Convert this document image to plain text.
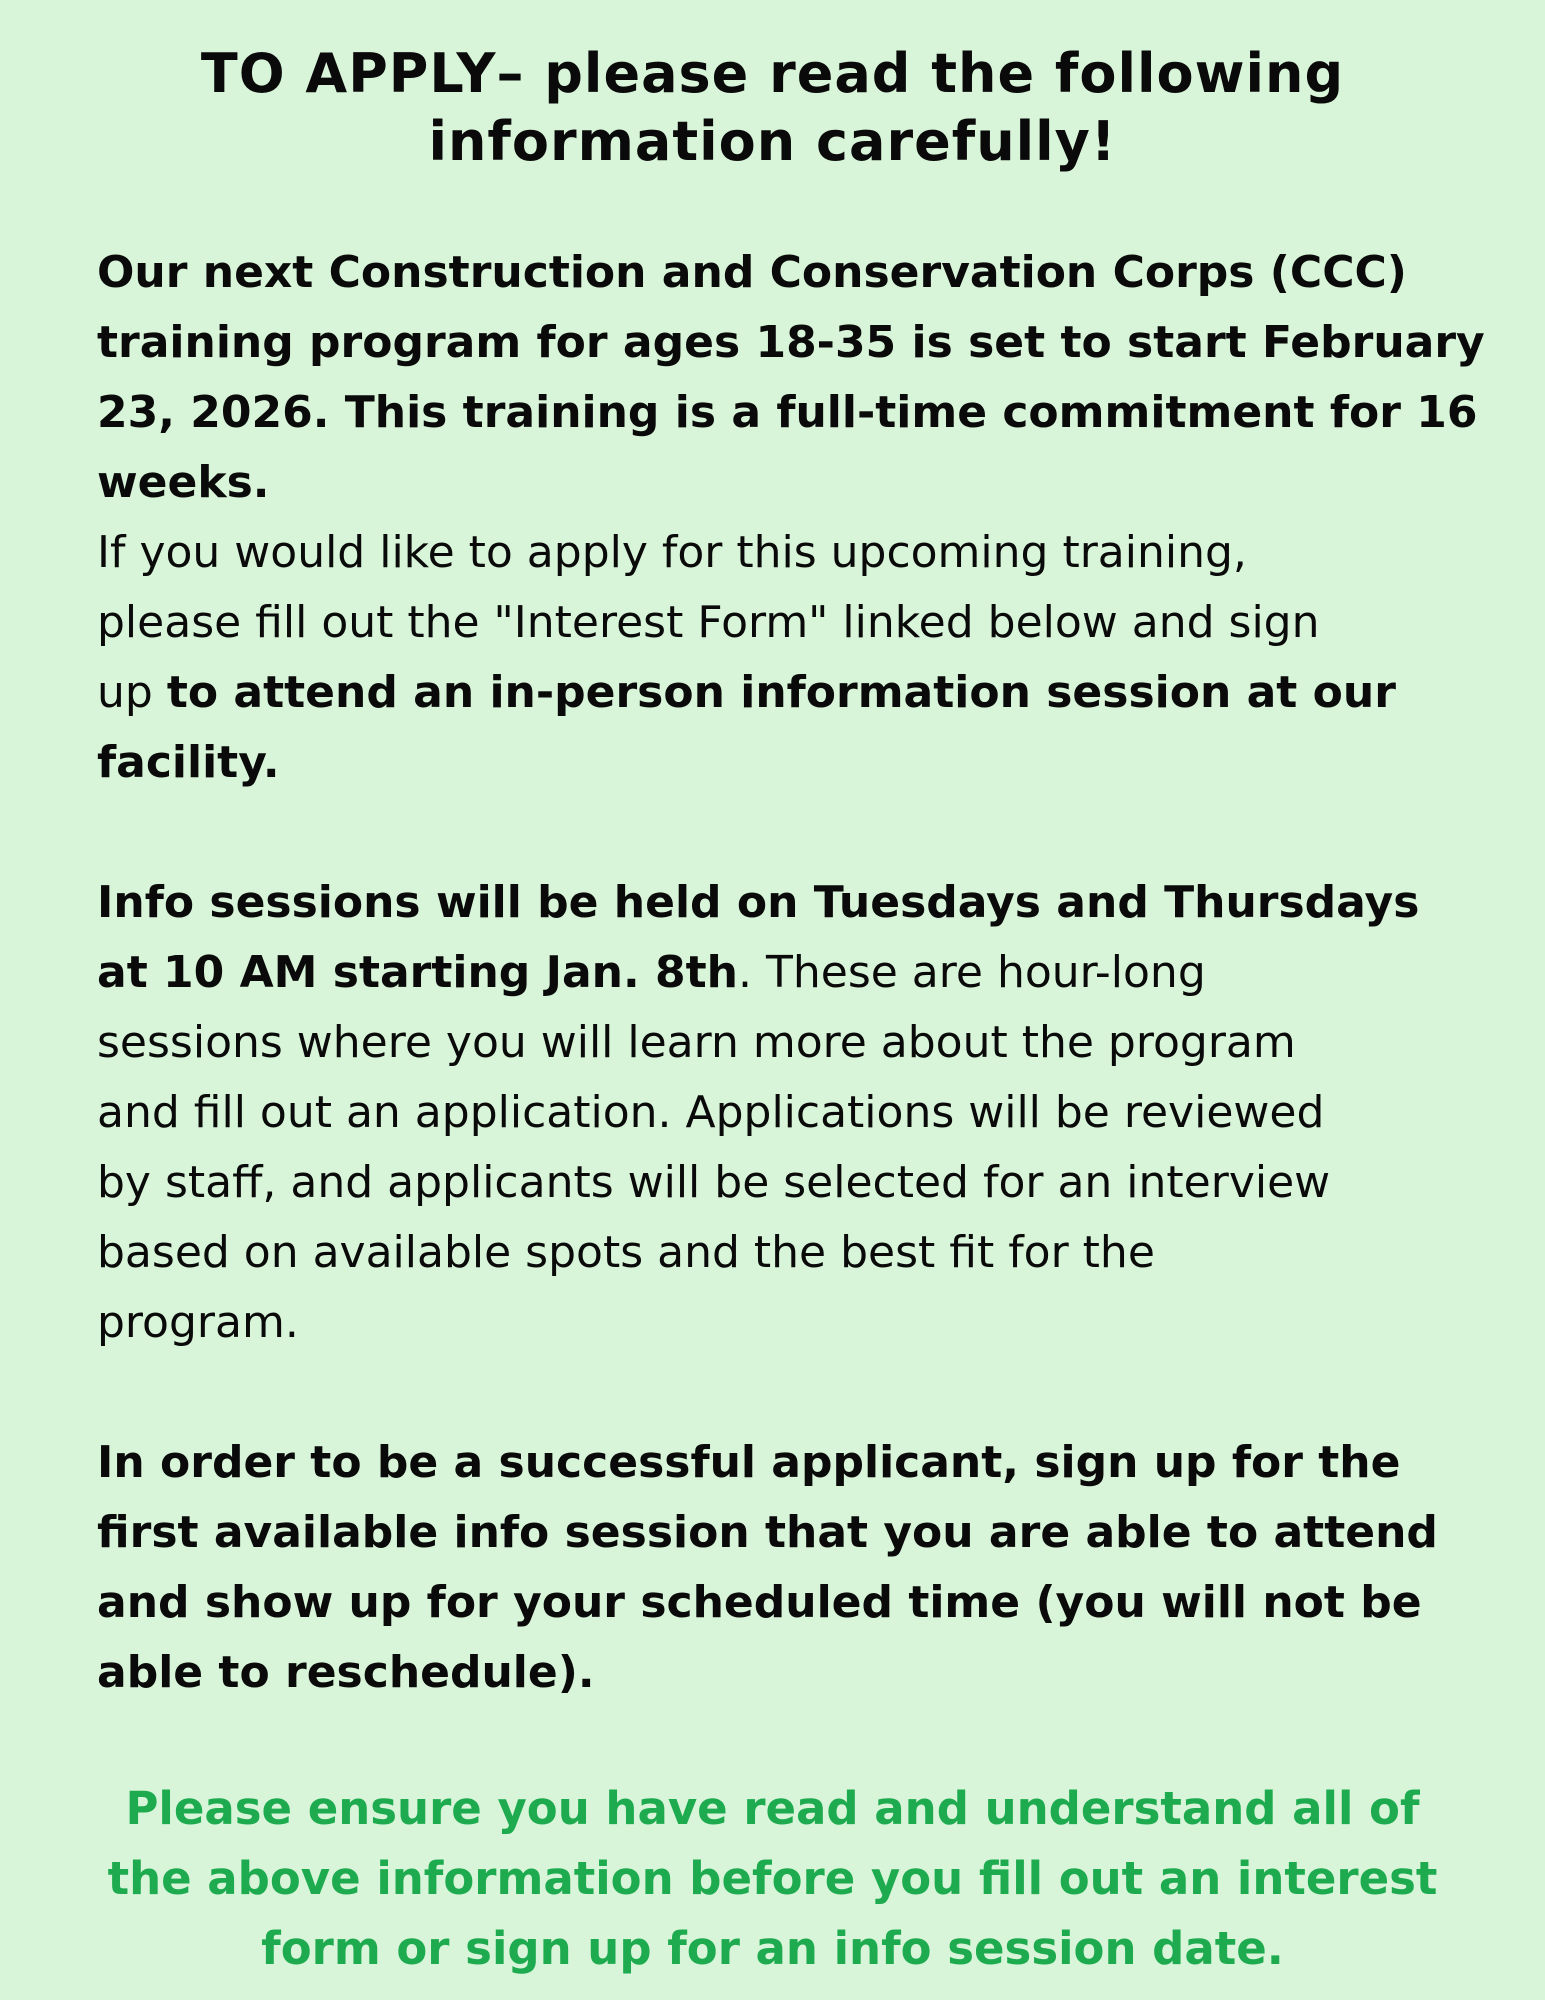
TO APPLY– please read the following
information carefully!
Our next Construction and Conservation Corps (CCC)
training program for ages 18-35 is set to start February
23, 2026. This training is a full-time commitment for 16
weeks.
If you would like to apply for this upcoming training,
please fill out the "Interest Form" linked below and sign
up to attend an in-person information session at our
facility.
Info sessions will be held on Tuesdays and Thursdays
at 10 AM starting Jan. 8th. These are hour-long
sessions where you will learn more about the program
and fill out an application. Applications will be reviewed
by staff, and applicants will be selected for an interview
based on available spots and the best fit for the
program.
In order to be a successful applicant, sign up for the
first available info session that you are able to attend
and show up for your scheduled time (you will not be
able to reschedule).
Please ensure you have read and understand all of
the above information before you fill out an interest
form or sign up for an info session date.
